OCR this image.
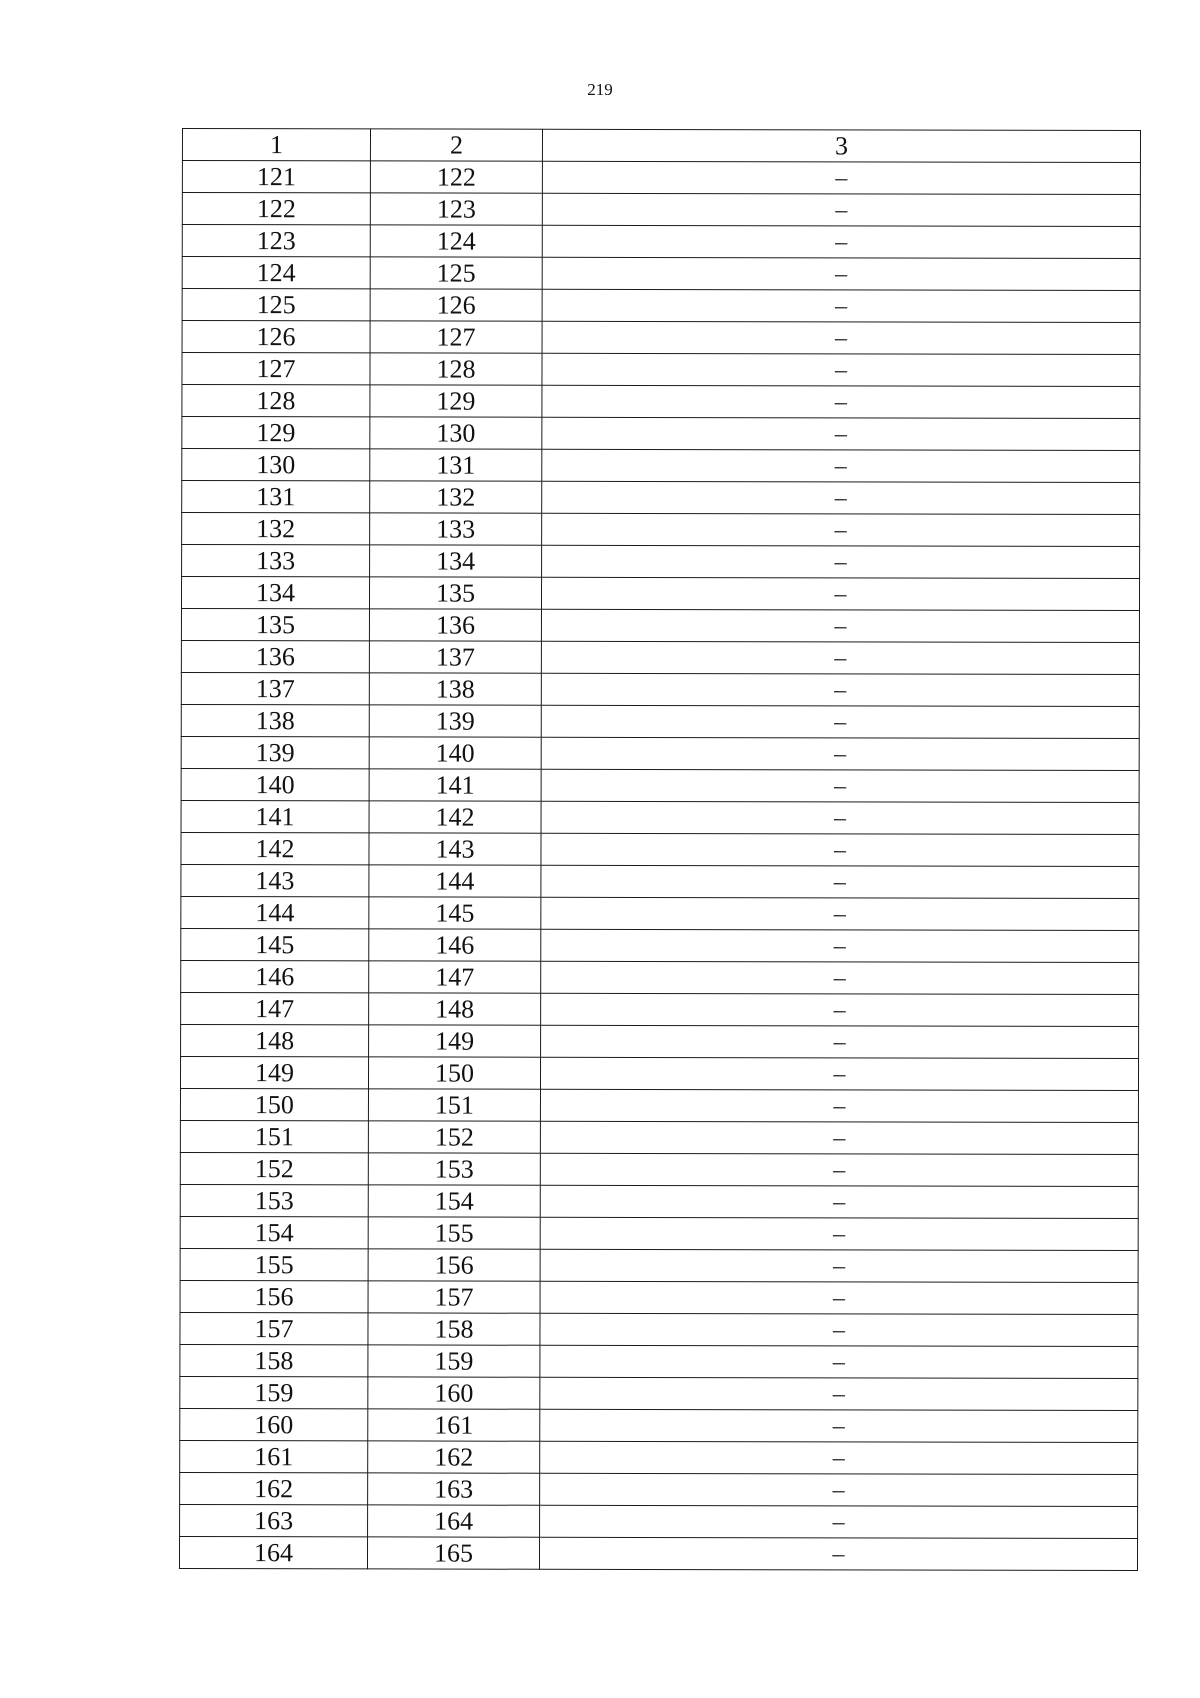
219
1	2	3
121	122	–
122	123	–
123	124	–
124	125	–
125	126	–
126	127	–
127	128	–
128	129	–
129	130	–
130	131	–
131	132	–
132	133	–
133	134	–
134	135	–
135	136	–
136	137	–
137	138	–
138	139	–
139	140	–
140	141	–
141	142	–
142	143	–
143	144	–
144	145	–
145	146	–
146	147	–
147	148	–
148	149	–
149	150	–
150	151	–
151	152	–
152	153	–
153	154	–
154	155	–
155	156	–
156	157	–
157	158	–
158	159	–
159	160	–
160	161	–
161	162	–
162	163	–
163	164	–
164	165	–
